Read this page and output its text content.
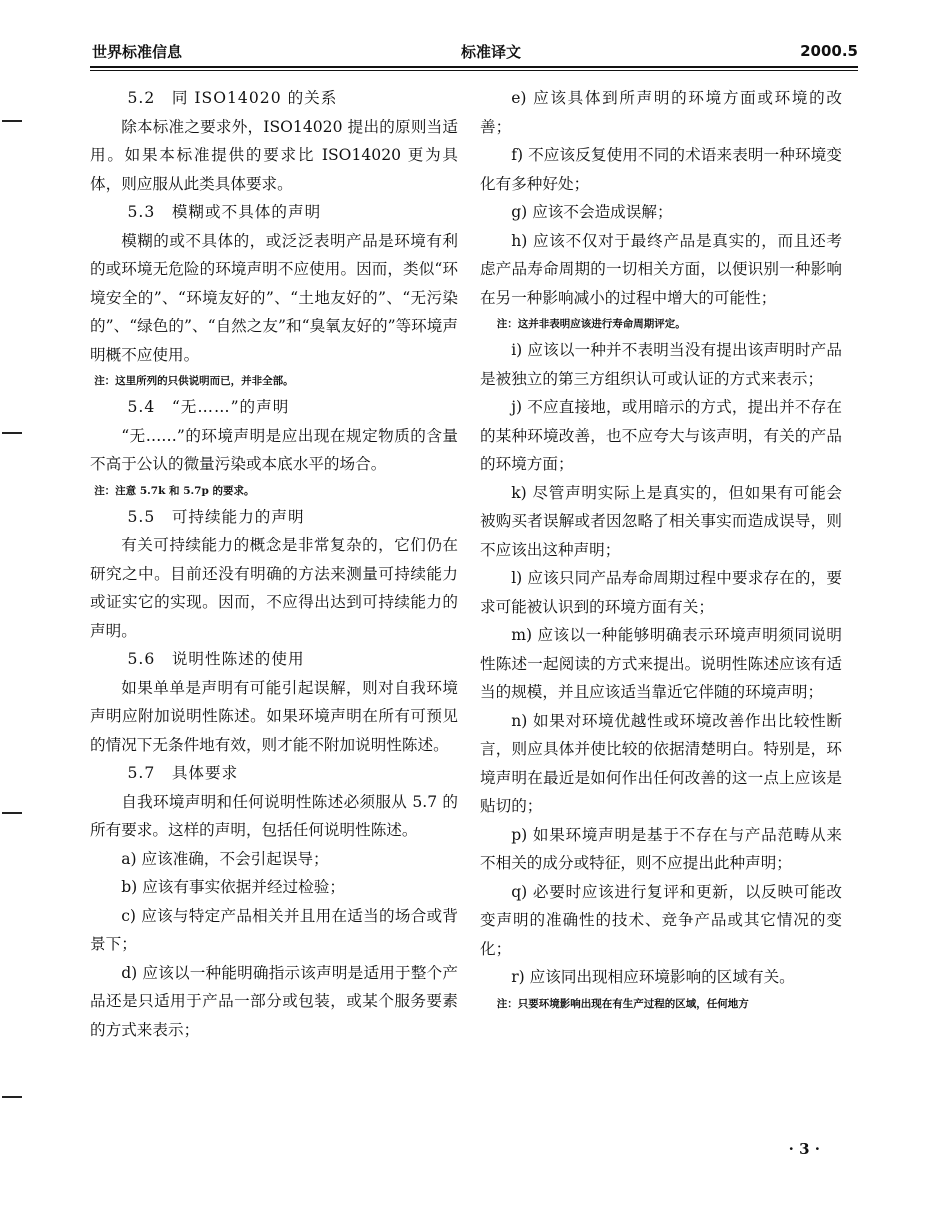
世界标准信息	标准译文	2000.5

5.2　同 ISO14020 的关系

除本标准之要求外，ISO14020 提出的原则当适用。如果本标准提供的要求比 ISO14020 更为具体，则应服从此类具体要求。

5.3　模糊或不具体的声明

模糊的或不具体的，或泛泛表明产品是环境有利的或环境无危险的环境声明不应使用。因而，类似“环境安全的”、“环境友好的”、“土地友好的”、“无污染的”、“绿色的”、“自然之友”和“臭氧友好的”等环境声明概不应使用。

注：这里所列的只供说明而已，并非全部。

5.4　“无……”的声明

“无……”的环境声明是应出现在规定物质的含量不高于公认的微量污染或本底水平的场合。

注：注意 5.7k 和 5.7p 的要求。

5.5　可持续能力的声明

有关可持续能力的概念是非常复杂的，它们仍在研究之中。目前还没有明确的方法来测量可持续能力或证实它的实现。因而，不应得出达到可持续能力的声明。

5.6　说明性陈述的使用

如果单单是声明有可能引起误解，则对自我环境声明应附加说明性陈述。如果环境声明在所有可预见的情况下无条件地有效，则才能不附加说明性陈述。

5.7　具体要求

自我环境声明和任何说明性陈述必须服从 5.7 的所有要求。这样的声明，包括任何说明性陈述。

a) 应该准确，不会引起误导；

b) 应该有事实依据并经过检验；

c) 应该与特定产品相关并且用在适当的场合或背景下；

d) 应该以一种能明确指示该声明是适用于整个产品还是只适用于产品一部分或包装，或某个服务要素的方式来表示；

e) 应该具体到所声明的环境方面或环境的改善；

f) 不应该反复使用不同的术语来表明一种环境变化有多种好处；

g) 应该不会造成误解；

h) 应该不仅对于最终产品是真实的，而且还考虑产品寿命周期的一切相关方面，以便识别一种影响在另一种影响减小的过程中增大的可能性；

注：这并非表明应该进行寿命周期评定。

i) 应该以一种并不表明当没有提出该声明时产品是被独立的第三方组织认可或认证的方式来表示；

j) 不应直接地，或用暗示的方式，提出并不存在的某种环境改善，也不应夸大与该声明，有关的产品的环境方面；

k) 尽管声明实际上是真实的，但如果有可能会被购买者误解或者因忽略了相关事实而造成误导，则不应该出这种声明；

l) 应该只同产品寿命周期过程中要求存在的，要求可能被认识到的环境方面有关；

m) 应该以一种能够明确表示环境声明须同说明性陈述一起阅读的方式来提出。说明性陈述应该有适当的规模，并且应该适当靠近它伴随的环境声明；

n) 如果对环境优越性或环境改善作出比较性断言，则应具体并使比较的依据清楚明白。特别是，环境声明在最近是如何作出任何改善的这一点上应该是贴切的；

p) 如果环境声明是基于不存在与产品范畴从来不相关的成分或特征，则不应提出此种声明；

q) 必要时应该进行复评和更新，以反映可能改变声明的准确性的技术、竞争产品或其它情况的变化；

r) 应该同出现相应环境影响的区域有关。

注：只要环境影响出现在有生产过程的区域，任何地方

· 3 ·
